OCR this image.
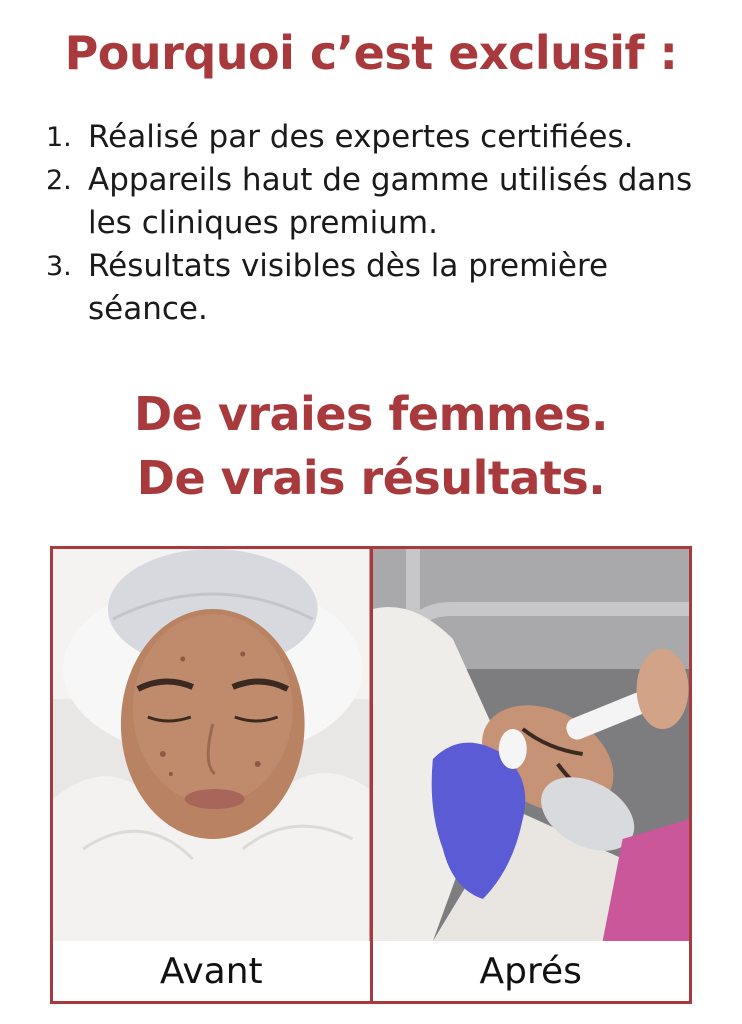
Pourquoi c’est exclusif :
1. Réalisé par des expertes certifiées.
2. Appareils haut de gamme utilisés dans les cliniques premium.
3. Résultats visibles dès la première séance.
De vraies femmes.
De vrais résultats.
Avant	Aprés
